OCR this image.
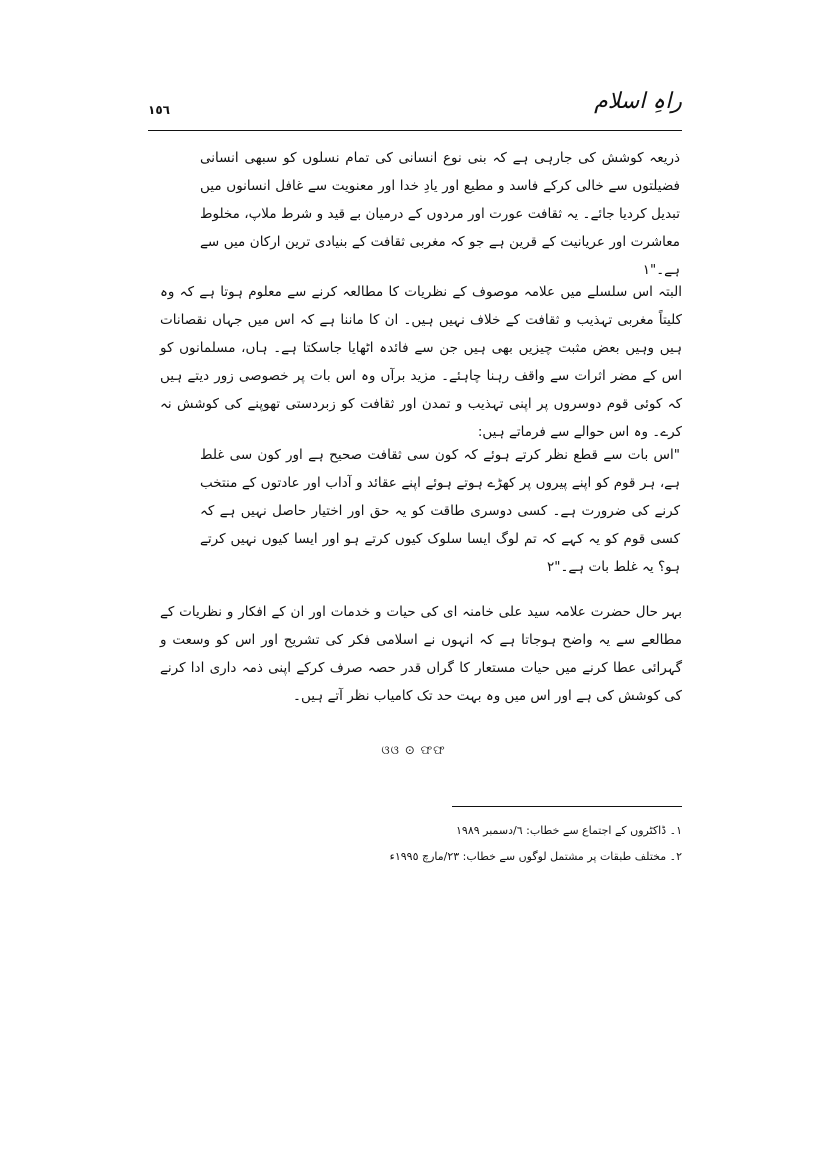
راہِ اسلام
١٥٦

ذریعہ کوشش کی جارہی ہے کہ بنی نوع انسانی کی تمام نسلوں کو سبھی انسانی فضیلتوں سے خالی کرکے فاسد و مطیع اور یادِ خدا اور معنویت سے غافل انسانوں میں تبدیل کردیا جائے۔ یہ ثقافت عورت اور مردوں کے درمیان بے قید و شرط ملاپ، مخلوط معاشرت اور عریانیت کے قرین ہے جو کہ مغربی ثقافت کے بنیادی ترین ارکان میں سے ہے۔"١

البتہ اس سلسلے میں علامہ موصوف کے نظریات کا مطالعہ کرنے سے معلوم ہوتا ہے کہ وہ کلیتاً مغربی تہذیب و ثقافت کے خلاف نہیں ہیں۔ ان کا ماننا ہے کہ اس میں جہاں نقصانات ہیں وہیں بعض مثبت چیزیں بھی ہیں جن سے فائدہ اٹھایا جاسکتا ہے۔ ہاں، مسلمانوں کو اس کے مضر اثرات سے واقف رہنا چاہئے۔ مزید برآں وہ اس بات پر خصوصی زور دیتے ہیں کہ کوئی قوم دوسروں پر اپنی تہذیب و تمدن اور ثقافت کو زبردستی تھوپنے کی کوشش نہ کرے۔ وہ اس حوالے سے فرماتے ہیں:

"اس بات سے قطع نظر کرتے ہوئے کہ کون سی ثقافت صحیح ہے اور کون سی غلط ہے، ہر قوم کو اپنے پیروں پر کھڑے ہوتے ہوئے اپنے عقائد و آداب اور عادتوں کے منتخب کرنے کی ضرورت ہے۔ کسی دوسری طاقت کو یہ حق اور اختیار حاصل نہیں ہے کہ کسی قوم کو یہ کہے کہ تم لوگ ایسا سلوک کیوں کرتے ہو اور ایسا کیوں نہیں کرتے ہو؟ یہ غلط بات ہے۔"٢

بہر حال حضرت علامہ سید علی خامنہ ای کی حیات و خدمات اور ان کے افکار و نظریات کے مطالعے سے یہ واضح ہوجاتا ہے کہ انہوں نے اسلامی فکر کی تشریح اور اس کو وسعت و گہرائی عطا کرنے میں حیات مستعار کا گراں قدر حصہ صرف کرکے اپنی ذمہ داری ادا کرنے کی کوشش کی ہے اور اس میں وہ بہت حد تک کامیاب نظر آتے ہیں۔

ଓଓ ⊙ ଫଫ

١۔ ڈاکٹروں کے اجتماع سے خطاب: ٦/دسمبر ١٩٨٩

٢۔ مختلف طبقات پر مشتمل لوگوں سے خطاب: ٢٣/مارچ ١٩٩٥ء
